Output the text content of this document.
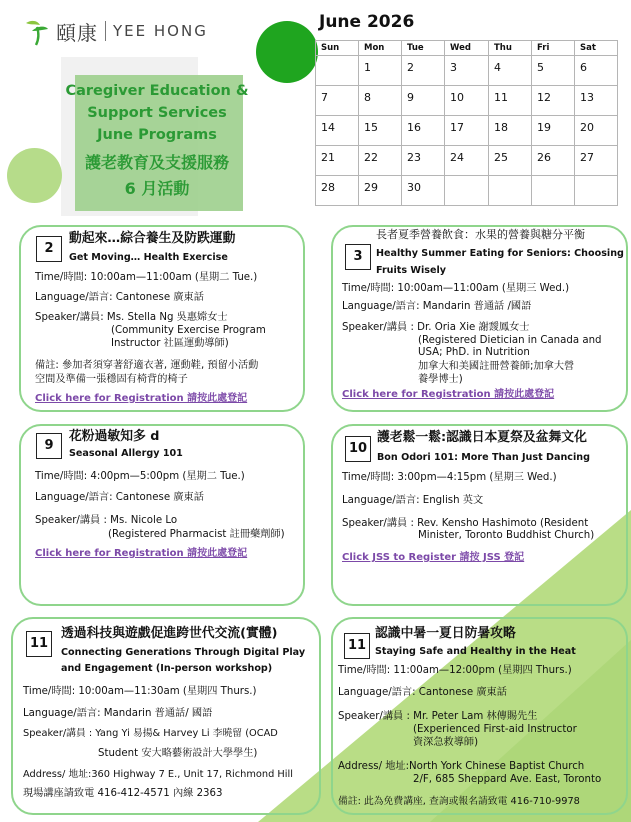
頤康 YEE HONG
Caregiver Education &
Support Services
June Programs
護老教育及支援服務
6 月活動
June 2026
Sun	Mon	Tue	Wed	Thu	Fri	Sat
	1	2	3	4	5	6
7	8	9	10	11	12	13
14	15	16	17	18	19	20
21	22	23	24	25	26	27
28	29	30				
2
動起來…綜合養生及防跌運動
Get Moving… Health Exercise
Time/時間: 10:00am—11:00am (星期二 Tue.)
Language/語言: Cantonese 廣東話
Speaker/講員: Ms. Stella Ng 吳惠嫦女士
(Community Exercise Program
Instructor 社區運動導師)
備註: 參加者須穿著舒適衣著, 運動鞋, 預留小活動
空間及準備一張穩固有椅背的椅子
Click here for Registration 請按此處登記
3
長者夏季營養飲食：水果的營養與糖分平衡
Healthy Summer Eating for Seniors: Choosing
Fruits Wisely
Time/時間: 10:00am—11:00am (星期三 Wed.)
Language/語言: Mandarin 普通話 /國語
Speaker/講員 : Dr. Oria Xie 謝靉鳳女士
(Registered Dietician in Canada and
USA; PhD. in Nutrition
加拿大和美國註冊營養師;加拿大營
養學博士)
Click here for Registration 請按此處登記
9
花粉過敏知多 d
Seasonal Allergy 101
Time/時間: 4:00pm—5:00pm (星期二 Tue.)
Language/語言: Cantonese 廣東話
Speaker/講員 : Ms. Nicole Lo
(Registered Pharmacist 註冊藥劑師)
Click here for Registration 請按此處登記
10
護老鬆一鬆:認識日本夏祭及盆舞文化
Bon Odori 101: More Than Just Dancing
Time/時間: 3:00pm—4:15pm (星期三 Wed.)
Language/語言: English 英文
Speaker/講員 : Rev. Kensho Hashimoto (Resident
Minister, Toronto Buddhist Church)
Click JSS to Register 請按 JSS 登記
11
透過科技與遊戲促進跨世代交流(實體)
Connecting Generations Through Digital Play
and Engagement (In-person workshop)
Time/時間: 10:00am—11:30am (星期四 Thurs.)
Language/語言: Mandarin 普通話/ 國語
Speaker/講員 : Yang Yi 易揚& Harvey Li 李曉留 (OCAD
Student 安大略藝術設計大學學生)
Address/ 地址:360 Highway 7 E., Unit 17, Richmond Hill
現場講座請致電 416-412-4571 內線 2363
11
認識中暑一夏日防暑攻略
Staying Safe and Healthy in the Heat
Time/時間: 11:00am—12:00pm (星期四 Thurs.)
Language/語言: Cantonese 廣東話
Speaker/講員 : Mr. Peter Lam 林傳賜先生
(Experienced First-aid Instructor
資深急救導師)
Address/ 地址:North York Chinese Baptist Church
2/F, 685 Sheppard Ave. East, Toronto
備註: 此為免費講座, 查詢或報名請致電 416-710-9978
